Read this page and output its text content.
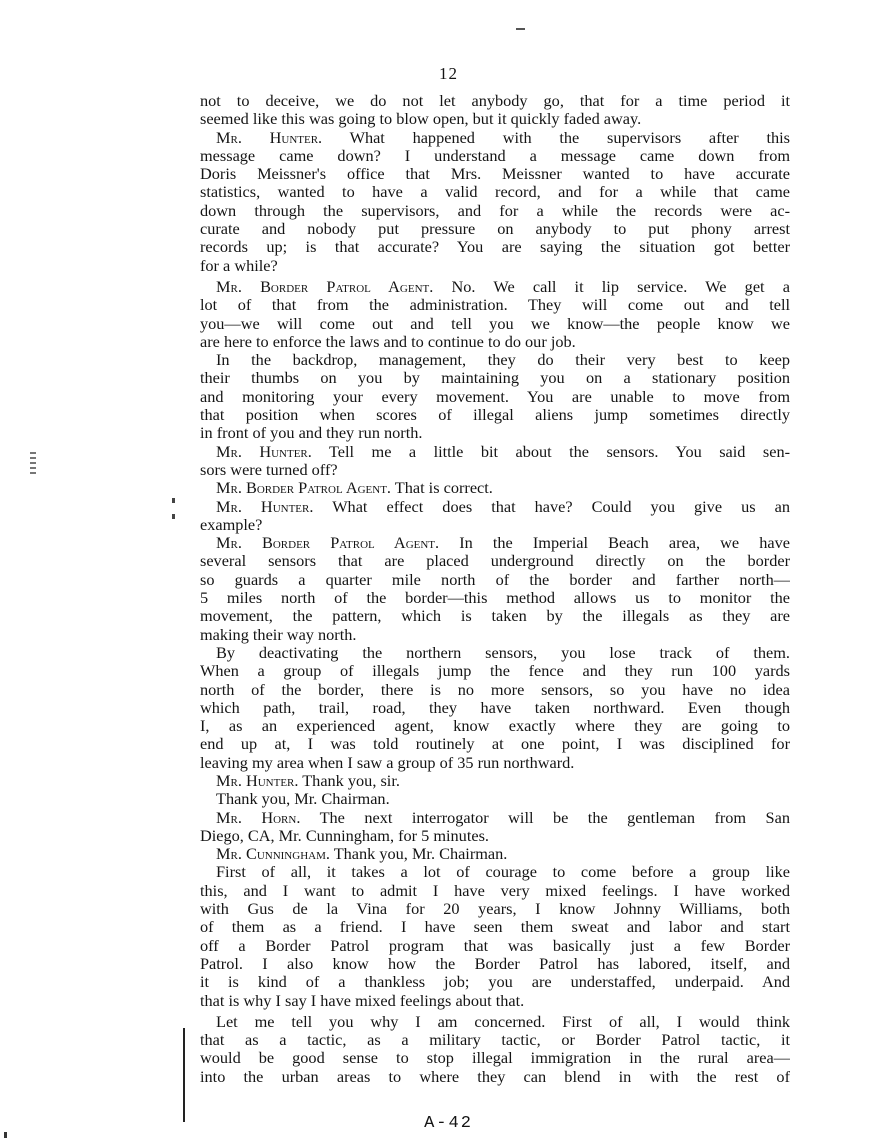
12
not to deceive, we do not let anybody go, that for a time period it
seemed like this was going to blow open, but it quickly faded away.
Mr. Hunter. What happened with the supervisors after this
message came down? I understand a message came down from
Doris Meissner's office that Mrs. Meissner wanted to have accurate
statistics, wanted to have a valid record, and for a while that came
down through the supervisors, and for a while the records were ac-
curate and nobody put pressure on anybody to put phony arrest
records up; is that accurate? You are saying the situation got better
for a while?
Mr. Border Patrol Agent. No. We call it lip service. We get a
lot of that from the administration. They will come out and tell
you—we will come out and tell you we know—the people know we
are here to enforce the laws and to continue to do our job.
In the backdrop, management, they do their very best to keep
their thumbs on you by maintaining you on a stationary position
and monitoring your every movement. You are unable to move from
that position when scores of illegal aliens jump sometimes directly
in front of you and they run north.
Mr. Hunter. Tell me a little bit about the sensors. You said sen-
sors were turned off?
Mr. Border Patrol Agent. That is correct.
Mr. Hunter. What effect does that have? Could you give us an
example?
Mr. Border Patrol Agent. In the Imperial Beach area, we have
several sensors that are placed underground directly on the border
so guards a quarter mile north of the border and farther north—
5 miles north of the border—this method allows us to monitor the
movement, the pattern, which is taken by the illegals as they are
making their way north.
By deactivating the northern sensors, you lose track of them.
When a group of illegals jump the fence and they run 100 yards
north of the border, there is no more sensors, so you have no idea
which path, trail, road, they have taken northward. Even though
I, as an experienced agent, know exactly where they are going to
end up at, I was told routinely at one point, I was disciplined for
leaving my area when I saw a group of 35 run northward.
Mr. Hunter. Thank you, sir.
Thank you, Mr. Chairman.
Mr. Horn. The next interrogator will be the gentleman from San
Diego, CA, Mr. Cunningham, for 5 minutes.
Mr. Cunningham. Thank you, Mr. Chairman.
First of all, it takes a lot of courage to come before a group like
this, and I want to admit I have very mixed feelings. I have worked
with Gus de la Vina for 20 years, I know Johnny Williams, both
of them as a friend. I have seen them sweat and labor and start
off a Border Patrol program that was basically just a few Border
Patrol. I also know how the Border Patrol has labored, itself, and
it is kind of a thankless job; you are understaffed, underpaid. And
that is why I say I have mixed feelings about that.
Let me tell you why I am concerned. First of all, I would think
that as a tactic, as a military tactic, or Border Patrol tactic, it
would be good sense to stop illegal immigration in the rural area—
into the urban areas to where they can blend in with the rest of
A-42
